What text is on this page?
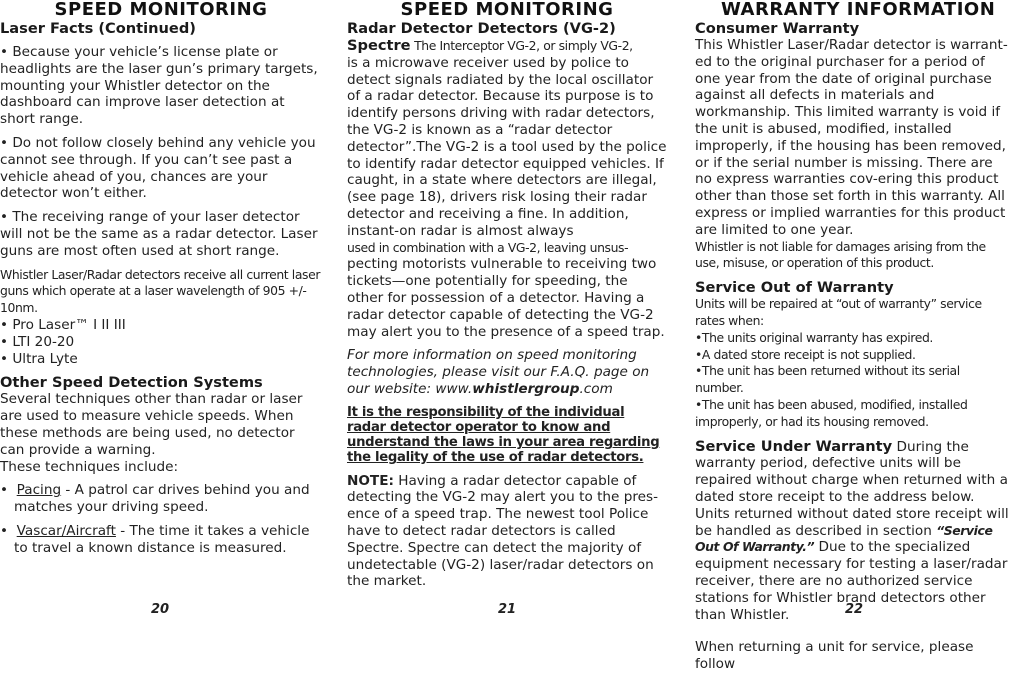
SPEED MONITORING
Laser Facts (Continued)

• Because your vehicle’s license plate or headlights are the laser gun’s primary targets, mounting your Whistler detector on the dashboard can improve laser detection at short range.

• Do not follow closely behind any vehicle you cannot see through. If you can’t see past a vehicle ahead of you, chances are your detector won’t either.

• The receiving range of your laser detector will not be the same as a radar detector. Laser guns are most often used at short range.

Whistler Laser/Radar detectors receive all current laser guns which operate at a laser wavelength of 905 +/- 10nm.

• Pro Laser™ I II III

• LTI 20-20

• Ultra Lyte

Other Speed Detection Systems

Several techniques other than radar or laser are used to measure vehicle speeds. When these methods are being used, no detector can provide a warning.

These techniques include:

•  Pacing - A patrol car drives behind you and matches your driving speed.

•  Vascar/Aircraft - The time it takes a vehicle to travel a known distance is measured.

20
SPEED MONITORING
Radar Detector Detectors (VG-2)

Spectre The Interceptor VG-2, or simply VG-2,

is a microwave receiver used by police to detect signals radiated by the local oscillator of a radar detector. Because its purpose is to identify persons driving with radar detectors, the VG-2 is known as a “radar detector detector”.The VG-2 is a tool used by the police to identify radar detector equipped vehicles. If caught, in a state where detectors are illegal, (see page 18), drivers risk losing their radar detector and receiving a fine. In addition, instant-on radar is almost always

used in combination with a VG-2, leaving unsus-

pecting motorists vulnerable to receiving two tickets—one potentially for speeding, the other for possession of a detector. Having a radar detector capable of detecting the VG-2 may alert you to the presence of a speed trap.

For more information on speed monitoring technologies, please visit our F.A.Q. page on our website: www.whistlergroup.com

It is the responsibility of the individual radar detector operator to know and understand the laws in your area regarding the legality of the use of radar detectors.

NOTE: Having a radar detector capable of detecting the VG-2 may alert you to the pres-ence of a speed trap. The newest tool Police have to detect radar detectors is called Spectre. Spectre can detect the majority of undetectable (VG-2) laser/radar detectors on the market.

21
WARRANTY INFORMATION
Consumer Warranty

This Whistler Laser/Radar detector is warrant-ed to the original purchaser for a period of one year from the date of original purchase against all defects in materials and workmanship. This limited warranty is void if the unit is abused, modified, installed improperly, if the housing has been removed, or if the serial number is missing. There are no express warranties cov-ering this product other than those set forth in this warranty. All express or implied warranties for this product are limited to one year.

Whistler is not liable for damages arising from the use, misuse, or operation of this product.

Service Out of Warranty

Units will be repaired at “out of warranty” service rates when:

•The units original warranty has expired.

•A dated store receipt is not supplied.

•The unit has been returned without its serial number.

•The unit has been abused, modified, installed improperly, or had its housing removed.

Service Under Warranty During the warranty period, defective units will be repaired without charge when returned with a dated store receipt to the address below. Units returned without dated store receipt will be handled as described in section “Service Out Of Warranty.” Due to the specialized equipment necessary for testing a laser/radar receiver, there are no authorized service stations for Whistler brand detectors other than Whistler.

When returning a unit for service, please follow

22
